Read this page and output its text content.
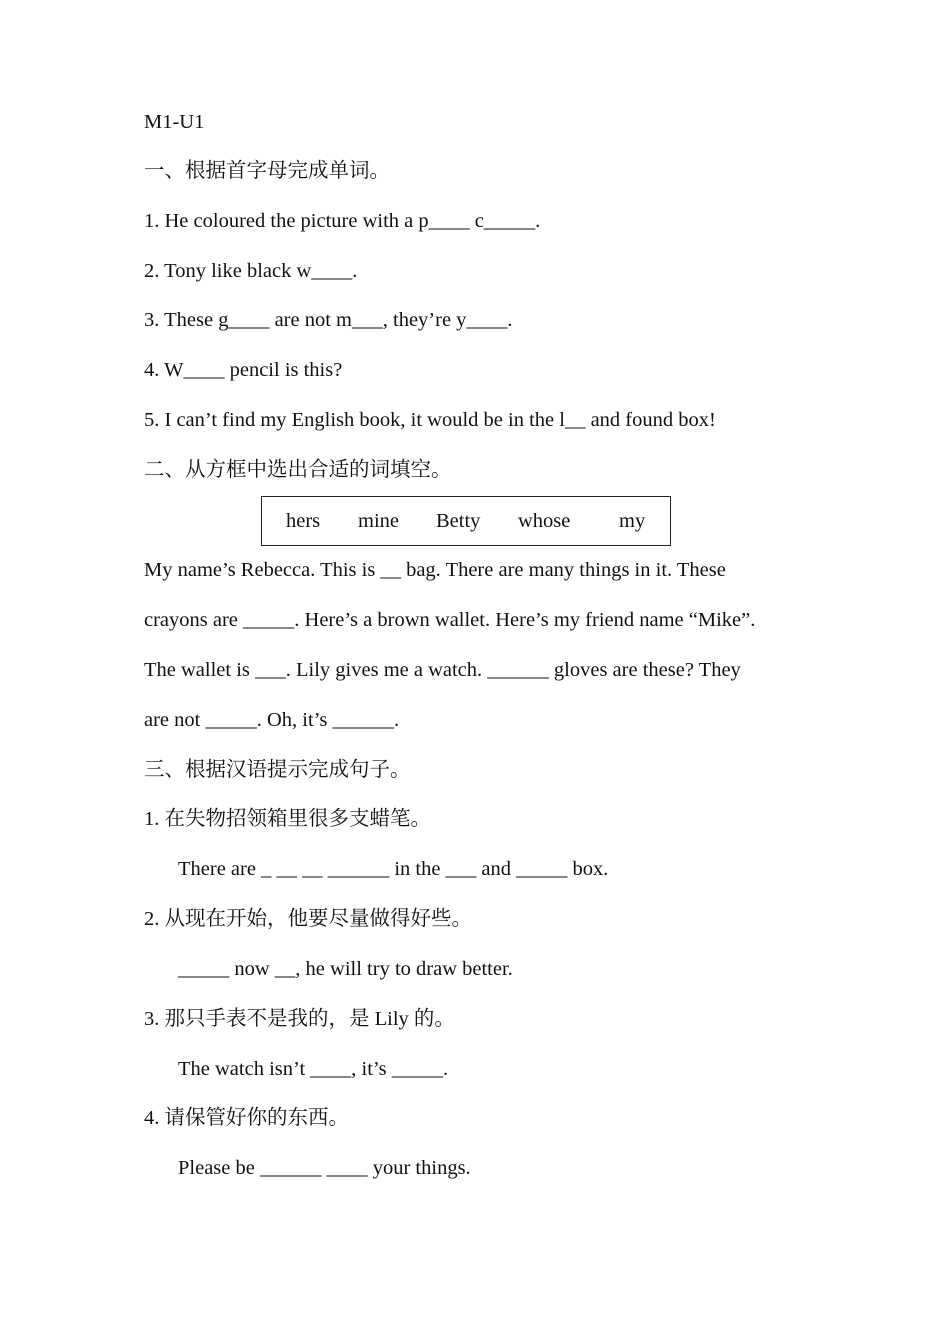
M1-U1
一、根据首字母完成单词。
1. He coloured the picture with a p____ c_____.
2. Tony like black w____.
3. These g____ are not m___, they’re y____.
4. W____ pencil is this?
5. I can’t find my English book, it would be in the l__ and found box!
二、从方框中选出合适的词填空。
hers mine Betty whose my
My name’s Rebecca. This is __ bag. There are many things in it. These
crayons are _____. Here’s a brown wallet. Here’s my friend name “Mike”.
The wallet is ___. Lily gives me a watch. ______ gloves are these? They
are not _____. Oh, it’s ______.
三、根据汉语提示完成句子。
1. 在失物招领箱里很多支蜡笔。
There are _ __ __ ______ in the ___ and _____ box.
2. 从现在开始，他要尽量做得好些。
_____ now __, he will try to draw better.
3. 那只手表不是我的，是 Lily 的。
The watch isn’t ____, it’s _____.
4. 请保管好你的东西。
Please be ______ ____ your things.
